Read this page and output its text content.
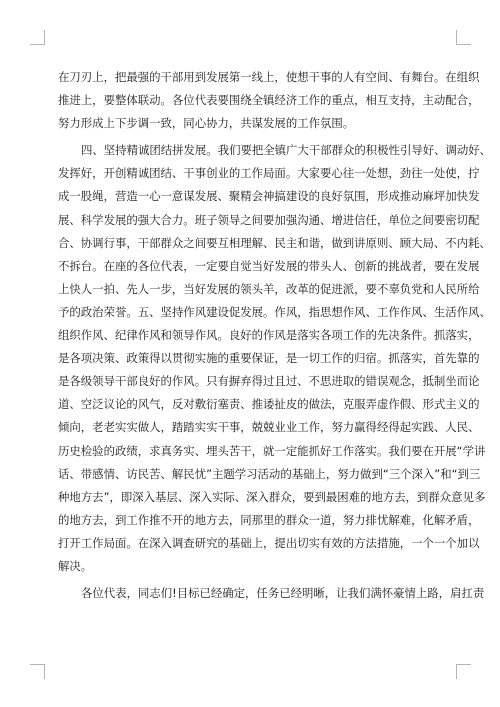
在刀刃上，把最强的干部用到发展第一线上，使想干事的人有空间、有舞台。在组织
推进上，要整体联动。各位代表要围绕全镇经济工作的重点，相互支持，主动配合，
努力形成上下步调一致，同心协力，共谋发展的工作氛围。
四、坚持精诚团结拼发展。我们要把全镇广大干部群众的积极性引导好、调动好、
发挥好，开创精诚团结、干事创业的工作局面。大家要心往一处想，劲往一处使，拧
成一股绳，营造一心一意谋发展、聚精会神搞建设的良好氛围，形成推动麻坪加快发
展、科学发展的强大合力。班子领导之间要加强沟通、增进信任，单位之间要密切配
合、协调行事，干部群众之间要互相理解、民主和谐，做到讲原则、顾大局、不内耗、
不拆台。在座的各位代表，一定要自觉当好发展的带头人、创新的挑战者，要在发展
上快人一拍、先人一步，当好发展的领头羊，改革的促进派，要不辜负党和人民所给
予的政治荣誉。五、坚持作风建设促发展。作风，指思想作风、工作作风、生活作风、
组织作风、纪律作风和领导作风。良好的作风是落实各项工作的先决条件。抓落实，
是各项决策、政策得以贯彻实施的重要保证，是一切工作的归宿。抓落实，首先靠的
是各级领导干部良好的作风。只有摒弃得过且过、不思进取的错误观念，抵制坐而论
道、空泛议论的风气，反对敷衍塞责、推诿扯皮的做法，克服弄虚作假、形式主义的
倾向，老老实实做人，踏踏实实干事，兢兢业业工作，努力赢得经得起实践、人民、
历史检验的政绩，求真务实、埋头苦干，就一定能抓好工作落实。我们要在开展“学讲
话、带感情、访民苦、解民忧”主题学习活动的基础上，努力做到“三个深入”和“到三
种地方去”，即深入基层、深入实际、深入群众，要到最困难的地方去，到群众意见多
的地方去，到工作推不开的地方去，同那里的群众一道，努力排忧解难，化解矛盾，
打开工作局面。在深入调查研究的基础上，提出切实有效的方法措施，一个一个加以
解决。
各位代表，同志们!目标已经确定，任务已经明晰，让我们满怀豪情上路，肩扛责
